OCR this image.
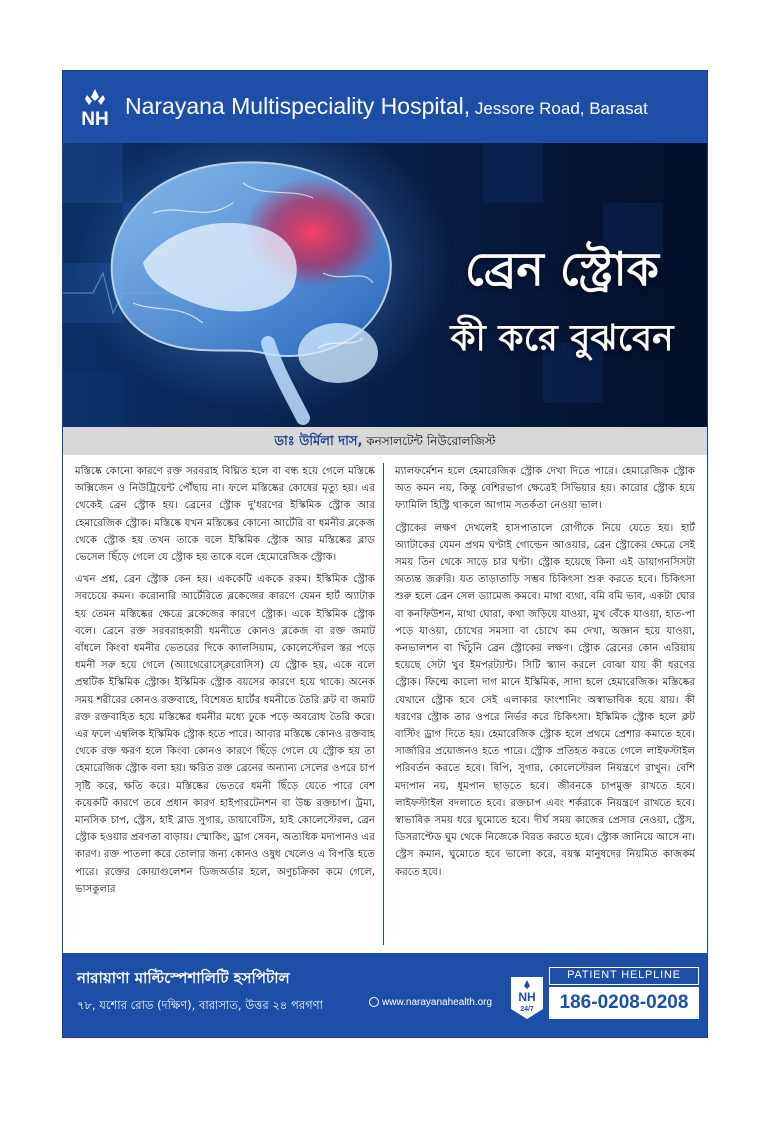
NH
Narayana Multispeciality Hospital, Jessore Road, Barasat
ব্রেন স্ট্রোক
কী করে বুঝবেন
ডাঃ উর্মিলা দাস, কনসালটেন্ট নিউরোলজিস্ট

মস্তিষ্কে কোনো কারণে রক্ত সরবরাহ বিঘ্নিত হলে বা বন্ধ হয়ে গেলে মস্তিষ্কে অক্সিজেন ও নিউট্রিয়েন্ট পৌঁছায় না। ফলে মস্তিষ্কের কোষের মৃত্যু হয়। এর থেকেই ব্রেন স্ট্রোক হয়। ব্রেনের স্ট্রোক দু'ধরণের ইস্কিমিক স্ট্রোক আর হেমারেজিক স্ট্রোক। মস্তিষ্কে যখন মস্তিষ্কের কোনো আর্টেরি বা ধমনীর ব্লকেজ থেকে স্ট্রোক হয় তখন তাকে বলে ইস্কিমিক স্ট্রোক আর মস্তিষ্কের ব্লাড ভেসেল ছিঁড়ে গেলে যে স্ট্রোক হয় তাকে বলে হেমোরেজিক স্ট্রোক।

এখন প্রশ্ন, ব্রেন স্ট্রোক কেন হয়। এককেটি এককে রকম। ইস্কিমিক স্ট্রোক সবচেয়ে কমন। করোনারি আর্টেরিতে ব্লকেজের কারণে যেমন হার্ট অ্যাটাক হয় তেমন মস্তিষ্কের ক্ষেত্রে ব্লকেজের কারণে স্ট্রোক। একে ইস্কিমিক স্ট্রোক বলে। ব্রেনে রক্ত সরবরাহকারী ধমনীতে কোনও ব্লকেজ বা রক্ত জমাট বাঁধলে কিংবা ধমনীর ভেতরের দিকে ক্যালসিয়াম, কোলেস্টেরল স্তর পড়ে ধমনী সরু হয়ে গেলে (অ্যাথেরোস্ক্লেরোসিস) যে স্ট্রোক হয়, একে বলে প্রম্বটিক ইস্কিমিক স্ট্রোক। ইস্কিমিক স্ট্রোক বয়সের কারণে হয়ে থাকে। অনেক সময় শরীরের কোনও রক্তবাহে, বিশেষত হার্টের ধমনীতে তৈরি ক্লট বা জমাট রক্ত রক্তবাহিত হয়ে মস্তিষ্কের ধমনীর মধ্যে ঢুকে পড়ে অবরোধ তৈরি করে। এর ফলে এম্বলিক ইস্কিমিক স্ট্রোক হতে পারে। আবার মস্তিষ্কে কোনও রক্তবাহ থেকে রক্ত ক্ষরণ হলে কিংবা কোনও কারণে ছিঁড়ে গেলে যে স্ট্রোক হয় তা হেমারেজিক স্ট্রোক বলা হয়। ক্ষরিত রক্ত ব্রেনের অন্যান্য সেলের ওপরে চাপ সৃষ্টি করে, ক্ষতি করে। মস্তিষ্কের ভেতরে ধমনী ছিঁড়ে যেতে পারে বেশ কয়েকটি কারণে তবে প্রধান কারণ হাইপারটেনশন বা উচ্চ রক্তচাপ। ট্রমা, মানসিক চাপ, স্ট্রেস, হাই ব্লাড সুগার, ডায়াবেটিস, হাই কোলেস্টেরল, ব্রেন স্ট্রোক হওয়ার প্রবণতা বাড়ায়। স্মোকিং, ড্রাগ সেবন, অত্যধিক মদ্যপানও এর কারণ। রক্ত পাতলা করে তোলার জন্য কোনও ওষুধ খেলেও এ বিপত্তি হতে পারে। রক্তের কোয়াগুলেশন ডিজঅর্ডার হলে, অণুচক্রিকা কমে গেলে, ভাসকুলার

ম্যালফর্মেশন হলে হেমারেজিক স্ট্রোক দেখা দিতে পারে। হেমারেজিক স্ট্রোক অত কমন নয়, কিন্তু বেশিরভাগ ক্ষেত্রেই সিভিয়ার হয়। কারোর স্ট্রোক হয়ে ফ্যামিলি হিস্ট্রি থাকলে আগাম সতর্কতা নেওয়া ভাল।

স্ট্রোকের লক্ষণ দেখলেই হাসপাতালে রোগীকে নিয়ে যেতে হয়। হার্ট অ্যাটাকের যেমন প্রথম ঘণ্টাই গোল্ডেন আওয়ার, ব্রেন স্ট্রোকের ক্ষেত্রে সেই সময় তিন থেকে সাড়ে চার ঘণ্টা। স্ট্রোক হয়েছে কিনা এই ডায়াগনসিসটা অত্যন্ত জরুরি। যত তাড়াতাড়ি সম্ভব চিকিৎসা শুরু করতে হবে। চিকিৎসা শুরু হলে ব্রেন সেল ড্যামেজ কমবে। মাথা ব্যথা, বমি বমি ভাব, একটা ঘোর বা কনফিউশন, মাথা ঘোরা, কথা জড়িয়ে যাওয়া, মুখ বেঁকে যাওয়া, হাত-পা পড়ে যাওয়া, চোখের সমস্যা বা চোখে কম দেখা, অজ্ঞান হয়ে যাওয়া, কনভালশন বা খিঁচুনি ব্রেন স্ট্রোকের লক্ষণ। স্ট্রোক ব্রেনের কোন এরিয়ায় হয়েছে সেটা খুব ইমপরট্যান্ট। সিটি স্ক্যান করলে বোঝা যায় কী ধরণের স্ট্রোক। ফিল্মে কালো দাগ মানে ইস্কিমিক, সাদা হলে হেমারেজিক। মস্তিষ্কের যেখানে স্ট্রোক হবে সেই এলাকার ফাংশানিং অস্বাভাবিক হয়ে যায়। কী ধরণের স্ট্রোক তার ওপরে নির্ভর করে চিকিৎসা। ইস্কিমিক স্ট্রোক হলে ক্লট বাস্টিং ড্রাগ দিতে হয়। হেমারেজিক স্ট্রোক হলে প্রথমে প্রেশার কমাতে হবে। সার্জারির প্রয়োজনও হতে পারে। স্ট্রোক প্রতিহত করতে গেলে লাইফস্টাইল পরিবর্তন করতে হবে। বিপি, সুগার, কোলেস্টেরল নিয়ন্ত্রণে রাখুন। বেশি মদ্যপান নয়, ধূমপান ছাড়তে হবে। জীবনকে চাপমুক্ত রাখতে হবে। লাইফস্টাইল বদলাতে হবে। রক্তচাপ এবং শর্করাকে নিয়ন্ত্রণে রাখতে হবে। স্বাভাবিক সময় ধরে ঘুমোতে হবে। দীর্ঘ সময় কাজের প্রেসার নেওয়া, স্ট্রেস, ডিসরাপ্টেড ঘুম থেকে নিজেকে বিরত করতে হবে। স্ট্রোক জানিয়ে আসে না। স্ট্রেস কমান, ঘুমোতে হবে ভালো করে, বয়স্ক মানুষদের নিয়মিত কাজকর্ম করতে হবে।

নারায়াণা মাল্টিস্পেশালিটি হসপিটাল
৭৮, যশোর রোড (দক্ষিণ), বারাসাত, উত্তর ২৪ পরগণা	www.narayanahealth.org NH
24/7
PATIENT HELPLINE
186-0208-0208
